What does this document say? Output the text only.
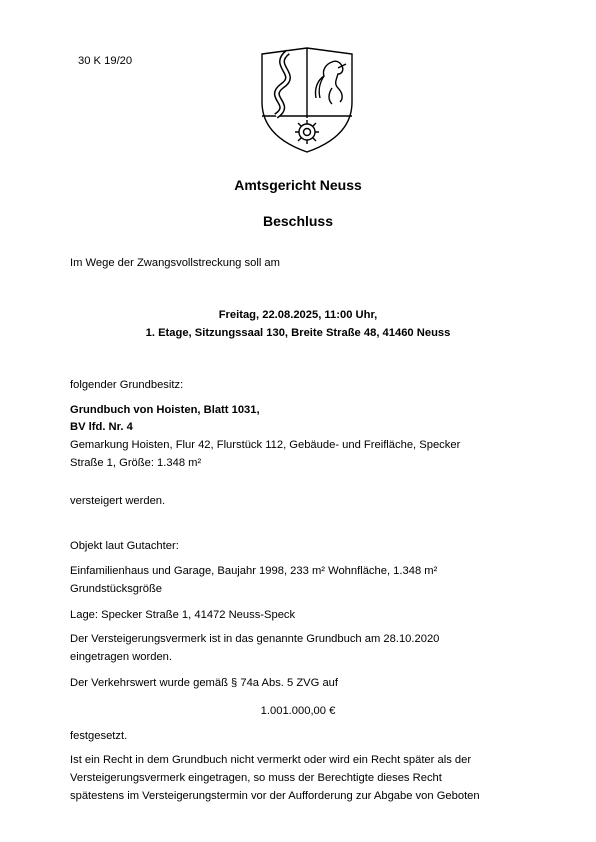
30 K 19/20
Amtsgericht Neuss
Beschluss
Im Wege der Zwangsvollstreckung soll am
Freitag, 22.08.2025, 11:00 Uhr,
1. Etage, Sitzungssaal 130, Breite Straße 48, 41460 Neuss
folgender Grundbesitz:
Grundbuch von Hoisten, Blatt 1031,
BV lfd. Nr. 4
Gemarkung Hoisten, Flur 42, Flurstück 112, Gebäude- und Freifläche, Specker
Straße 1, Größe: 1.348 m²
versteigert werden.
Objekt laut Gutachter:
Einfamilienhaus und Garage, Baujahr 1998, 233 m² Wohnfläche, 1.348 m²
Grundstücksgröße
Lage: Specker Straße 1, 41472 Neuss-Speck
Der Versteigerungsvermerk ist in das genannte Grundbuch am 28.10.2020
eingetragen worden.
Der Verkehrswert wurde gemäß § 74a Abs. 5 ZVG auf
1.001.000,00 €
festgesetzt.
Ist ein Recht in dem Grundbuch nicht vermerkt oder wird ein Recht später als der
Versteigerungsvermerk eingetragen, so muss der Berechtigte dieses Recht
spätestens im Versteigerungstermin vor der Aufforderung zur Abgabe von Geboten
